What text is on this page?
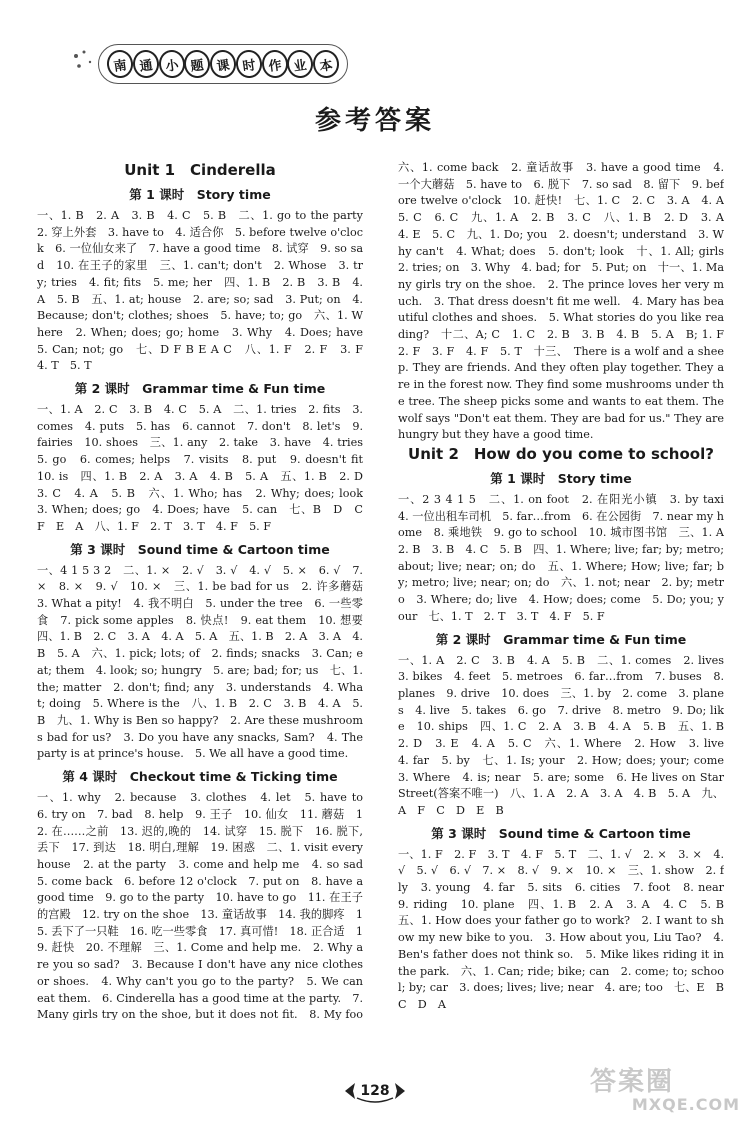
南 通 小 题 课 时 作 业 本
参考答案
Unit 1　Cinderella
第 1 课时　Story time

一、1. B　2. A　3. B　4. C　5. B　二、1. go to the party　2. 穿上外套　3. have to　4. 适合你　5. before twelve o'clock　6. 一位仙女来了　7. have a good time　8. 试穿　9. so sad　10. 在王子的家里　三、1. can't; don't　2. Whose　3. try; tries　4. fit; fits　5. me; her　四、1. B　2. B　3. B　4. A　5. B　五、1. at; house　2. are; so; sad　3. Put; on　4. Because; don't; clothes; shoes　5. have; to; go　六、1. Where　2. When; does; go; home　3. Why　4. Does; have　5. Can; not; go　七、D F B E A C　八、1. F　2. F　3. F　4. T　5. T

第 2 课时　Grammar time & Fun time

一、1. A　2. C　3. B　4. C　5. A　二、1. tries　2. fits　3. comes　4. puts　5. has　6. cannot　7. don't　8. let's　9. fairies　10. shoes　三、1. any　2. take　3. have　4. tries　5. go　6. comes; helps　7. visits　8. put　9. doesn't fit　10. is　四、1. B　2. A　3. A　4. B　5. A　五、1. B　2. D　3. C　4. A　5. B　六、1. Who; has　2. Why; does; look　3. When; does; go　4. Does; have　5. can　七、B　D　C　F　E　A　八、1. F　2. T　3. T　4. F　5. F

第 3 课时　Sound time & Cartoon time

一、4 1 5 3 2　二、1. ×　2. √　3. √　4. √　5. ×　6. √　7. ×　8. ×　9. √　10. ×　三、1. be bad for us　2. 许多蘑菇　3. What a pity!　4. 我不明白　5. under the tree　6. 一些零食　7. pick some apples　8. 快点!　9. eat them　10. 想要　四、1. B　2. C　3. A　4. A　5. A　五、1. B　2. A　3. A　4. B　5. A　六、1. pick; lots; of　2. finds; snacks　3. Can; eat; them　4. look; so; hungry　5. are; bad; for; us　七、1. the; matter　2. don't; find; any　3. understands　4. What; doing　5. Where is the　八、1. B　2. C　3. B　4. A　5. B　九、1. Why is Ben so happy?　2. Are these mushrooms bad for us?　3. Do you have any snacks, Sam?　4. The party is at prince's house.　5. We all have a good time.

第 4 课时　Checkout time & Ticking time

一、1. why　2. because　3. clothes　4. let　5. have to　6. try on　7. bad　8. help　9. 王子　10. 仙女　11. 蘑菇　12. 在……之前　13. 迟的,晚的　14. 试穿　15. 脱下　16. 脱下,丢下　17. 到达　18. 明白,理解　19. 困惑　二、1. visit every house　2. at the party　3. come and help me　4. so sad　5. come back　6. before 12 o'clock　7. put on　8. have a good time　9. go to the party　10. have to go　11. 在王子的宫殿　12. try on the shoe　13. 童话故事　14. 我的脚疼　15. 丢下了一只鞋　16. 吃一些零食　17. 真可惜!　18. 正合适　19. 赶快　20. 不理解　三、1. Come and help me.　2. Why are you so sad?　3. Because I don't have any nice clothes or shoes.　4. Why can't you go to the party?　5. We can eat them.　6. Cinderella has a good time at the party.　7. Many girls try on the shoe, but it does not fit.　8. My foo 　 　 　 　 　 　 　 　 　 　 　 　 　 　 　 　 　 　 　 　

六、1. come back　2. 童话故事　3. have a good time　4. 一个大蘑菇　5. have to　6. 脱下　7. so sad　8. 留下　9. before twelve o'clock　10. 赶快!　七、1. C　2. C　3. A　4. A　5. C　6. C　九、1. A　2. B　3. C　八、1. B　2. D　3. A　4. E　5. C　九、1. Do; you　2. doesn't; understand　3. Why can't　4. What; does　5. don't; look　十、1. All; girls　2. tries; on　3. Why　4. bad; for　5. Put; on　十一、1. Many girls try on the shoe.　2. The prince loves her very much.　3. That dress doesn't fit me well.　4. Mary has beautiful clothes and shoes.　5. What stories do you like reading?　十二、A; C　1. C　2. B　3. B　4. B　5. A　B; 1. F　2. F　3. F　4. F　5. T　十三、　There is a wolf and a sheep. They are friends. And they often play together. They are in the forest now. They find some mushrooms under the tree. The sheep picks some and wants to eat them. The wolf says "Don't eat them. They are bad for us." They are hungry but they have a good time.

Unit 2　How do you come to school?
第 1 课时　Story time

一、2 3 4 1 5　二、1. on foot　2. 在阳光小镇　3. by taxi　4. 一位出租车司机　5. far…from　6. 在公园街　7. near my home　8. 乘地铁　9. go to school　10. 城市图书馆　三、1. A　2. B　3. B　4. C　5. B　四、1. Where; live; far; by; metro; about; live; near; on; do　五、1. Where; How; live; far; by; metro; live; near; on; do　六、1. not; near　2. by; metro　3. Where; do; live　4. How; does; come　5. Do; you; your　七、1. T　2. T　3. T　4. F　5. F

第 2 课时　Grammar time & Fun time

一、1. A　2. C　3. B　4. A　5. B　二、1. comes　2. lives　3. bikes　4. feet　5. metroes　6. far…from　7. buses　8. planes　9. drive　10. does　三、1. by　2. come　3. planes　4. live　5. takes　6. go　7. drive　8. metro　9. Do; like　10. ships　四、1. C　2. A　3. B　4. A　5. B　五、1. B　2. D　3. E　4. A　5. C　六、1. Where　2. How　3. live　4. far　5. by　七、1. Is; your　2. How; does; your; come　3. Where　4. is; near　5. are; some　6. He lives on Star Street(答案不唯一)　八、1. A　2. A　3. A　4. B　5. A　九、A　F　C　D　E　B

第 3 课时　Sound time & Cartoon time

一、1. F　2. F　3. T　4. F　5. T　二、1. √　2. ×　3. ×　4. √　5. √　6. √　7. ×　8. √　9. ×　10. ×　三、1. show　2. fly　3. young　4. far　5. sits　6. cities　7. foot　8. near　9. riding　10. plane　四、1. B　2. A　3. A　4. C　5. B　五、1. How does your father go to work?　2. I want to show my new bike to you.　3. How about you, Liu Tao?　4. Ben's father does not think so.　5. Mike likes riding it in the park.　六、1. Can; ride; bike; can　2. come; to; school; by; car　3. does; lives; live; near　4. are; too　七、E　B　C　D　A

128	答案圈
MXQE.COM
